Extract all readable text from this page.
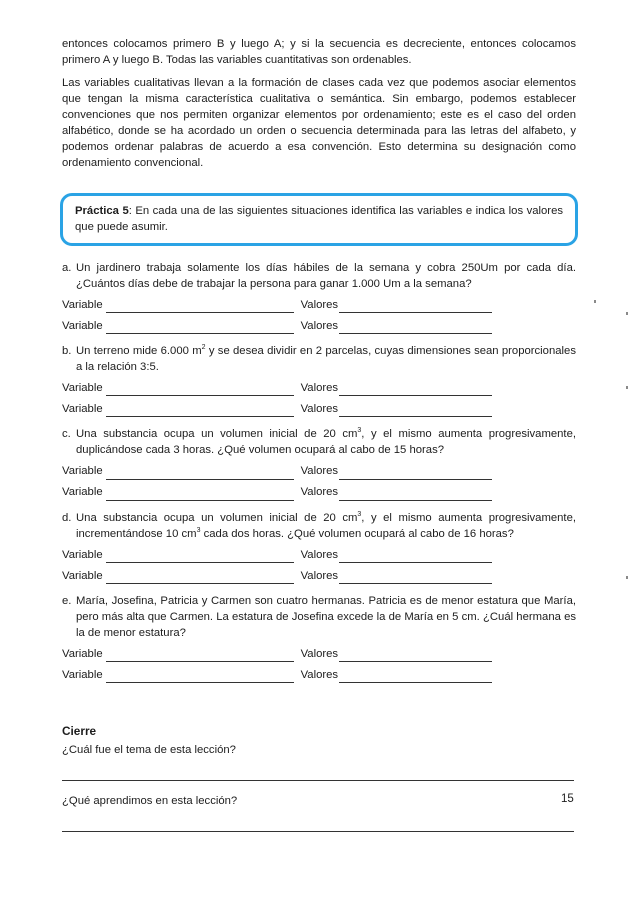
entonces colocamos primero B y luego A; y si la secuencia es decreciente, entonces colocamos primero A y luego B. Todas las variables cuantitativas son ordenables.

Las variables cualitativas llevan a la formación de clases cada vez que podemos asociar elementos que tengan la misma característica cualitativa o semántica. Sin embargo, podemos establecer convenciones que nos permiten organizar elementos por ordenamiento; este es el caso del orden alfabético, donde se ha acordado un orden o secuencia determinada para las letras del alfabeto, y podemos ordenar palabras de acuerdo a esa convención. Esto determina su designación como ordenamiento convencional.

Práctica 5: En cada una de las siguientes situaciones identifica las variables e indica los valores que puede asumir.
a. Un jardinero trabaja solamente los días hábiles de la semana y cobra 250Um por cada día. ¿Cuántos días debe de trabajar la persona para ganar 1.000 Um a la semana?
Variable	Valores
Variable	Valores
b. Un terreno mide 6.000 $m^2$ y se desea dividir en 2 parcelas, cuyas dimensiones sean proporcionales a la relación 3:5.
Variable	Valores
Variable	Valores
c. Una substancia ocupa un volumen inicial de 20 $cm^3$, y el mismo aumenta progresivamente, duplicándose cada 3 horas. ¿Qué volumen ocupará al cabo de 15 horas?
Variable	Valores
Variable	Valores
d. Una substancia ocupa un volumen inicial de 20 $cm^3$, y el mismo aumenta progresivamente, incrementándose 10 $cm^3$ cada dos horas. ¿Qué volumen ocupará al cabo de 16 horas?
Variable	Valores
Variable	Valores
e. María, Josefina, Patricia y Carmen son cuatro hermanas. Patricia es de menor estatura que María, pero más alta que Carmen. La estatura de Josefina excede la de María en 5 cm. ¿Cuál hermana es la de menor estatura?
Variable	Valores
Variable	Valores
Cierre
¿Cuál fue el tema de esta lección?
¿Qué aprendimos en esta lección?	15
